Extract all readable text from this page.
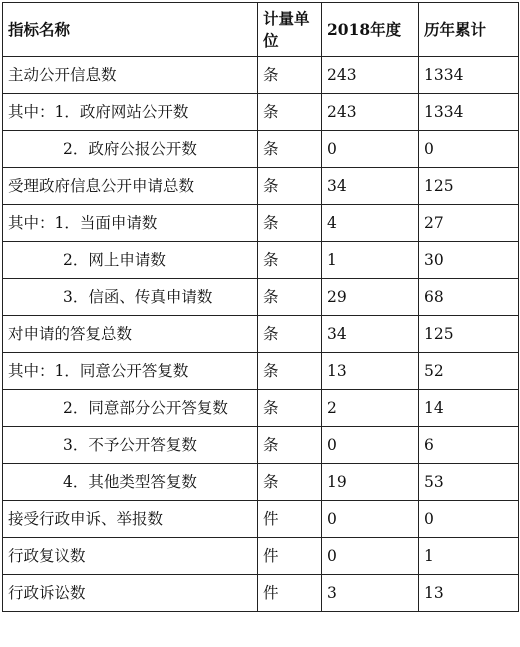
指标名称	计量单位	2018年度	历年累计
主动公开信息数	条	243	1334
其中：1．政府网站公开数	条	243	1334
2．政府公报公开数	条	0	0
受理政府信息公开申请总数	条	34	125
其中：1．当面申请数	条	4	27
2．网上申请数	条	1	30
3．信函、传真申请数	条	29	68
对申请的答复总数	条	34	125
其中：1．同意公开答复数	条	13	52
2．同意部分公开答复数	条	2	14
3．不予公开答复数	条	0	6
4．其他类型答复数	条	19	53
接受行政申诉、举报数	件	0	0
行政复议数	件	0	1
行政诉讼数	件	3	13
